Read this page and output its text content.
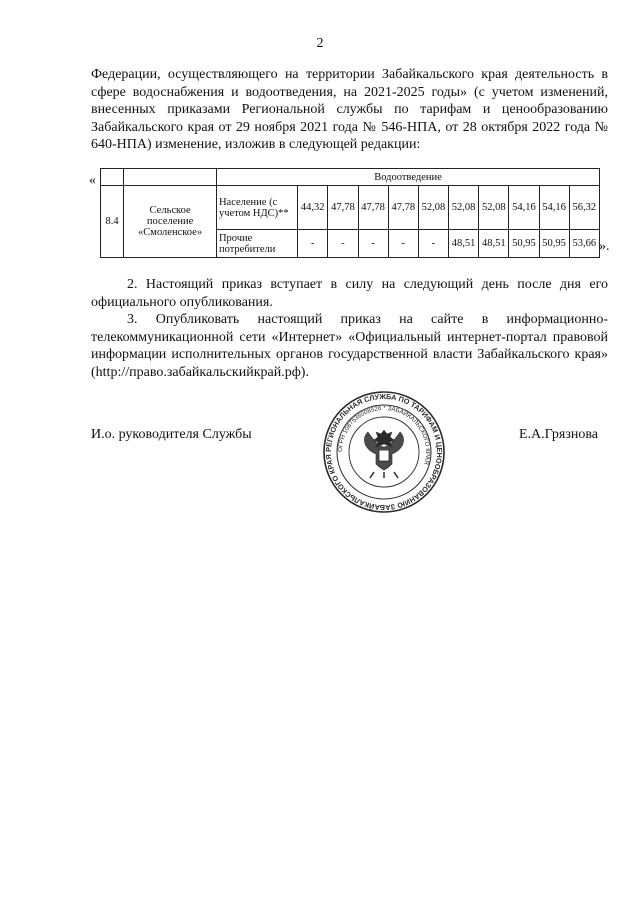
2
Федерации, осуществляющего на территории Забайкальского края деятельность в сфере водоснабжения и водоотведения, на 2021-2025 годы» (с учетом изменений, внесенных приказами Региональной службы по тарифам и ценообразованию Забайкальского края от 29 ноября 2021 года № 546-НПА, от 28 октября 2022 года № 640-НПА) изменение, изложив в следующей редакции:
«
			Водоотведение										
8.4	Сельское поселение «Смоленское»	Население (с учетом НДС)**	44,32	47,78	47,78	47,78	52,08	52,08	52,08	54,16	54,16	56,32
		Прочие потребители	-	-	-	-	-	48,51	48,51	50,95	50,95	53,66 ».
2. Настоящий приказ вступает в силу на следующий день после дня его официального опубликования.
3. Опубликовать настоящий приказ на сайте в информационно-телекоммуникационной сети «Интернет» «Официальный интернет-портал правовой информации исполнительных органов государственной власти Забайкальского края» (http://право.забайкальскийкрай.рф).
И.о. руководителя Службы
РЕГИОНАЛЬНАЯ СЛУЖБА ПО ТАРИФАМ И ЦЕНООБРАЗОВАНИЮ ЗАБАЙКАЛЬСКОГО КРАЯ
ОГРН 1087536008526 * ЗАБАЙКАЛЬСКОГО КРАЯ
Е.А.Грязнова
